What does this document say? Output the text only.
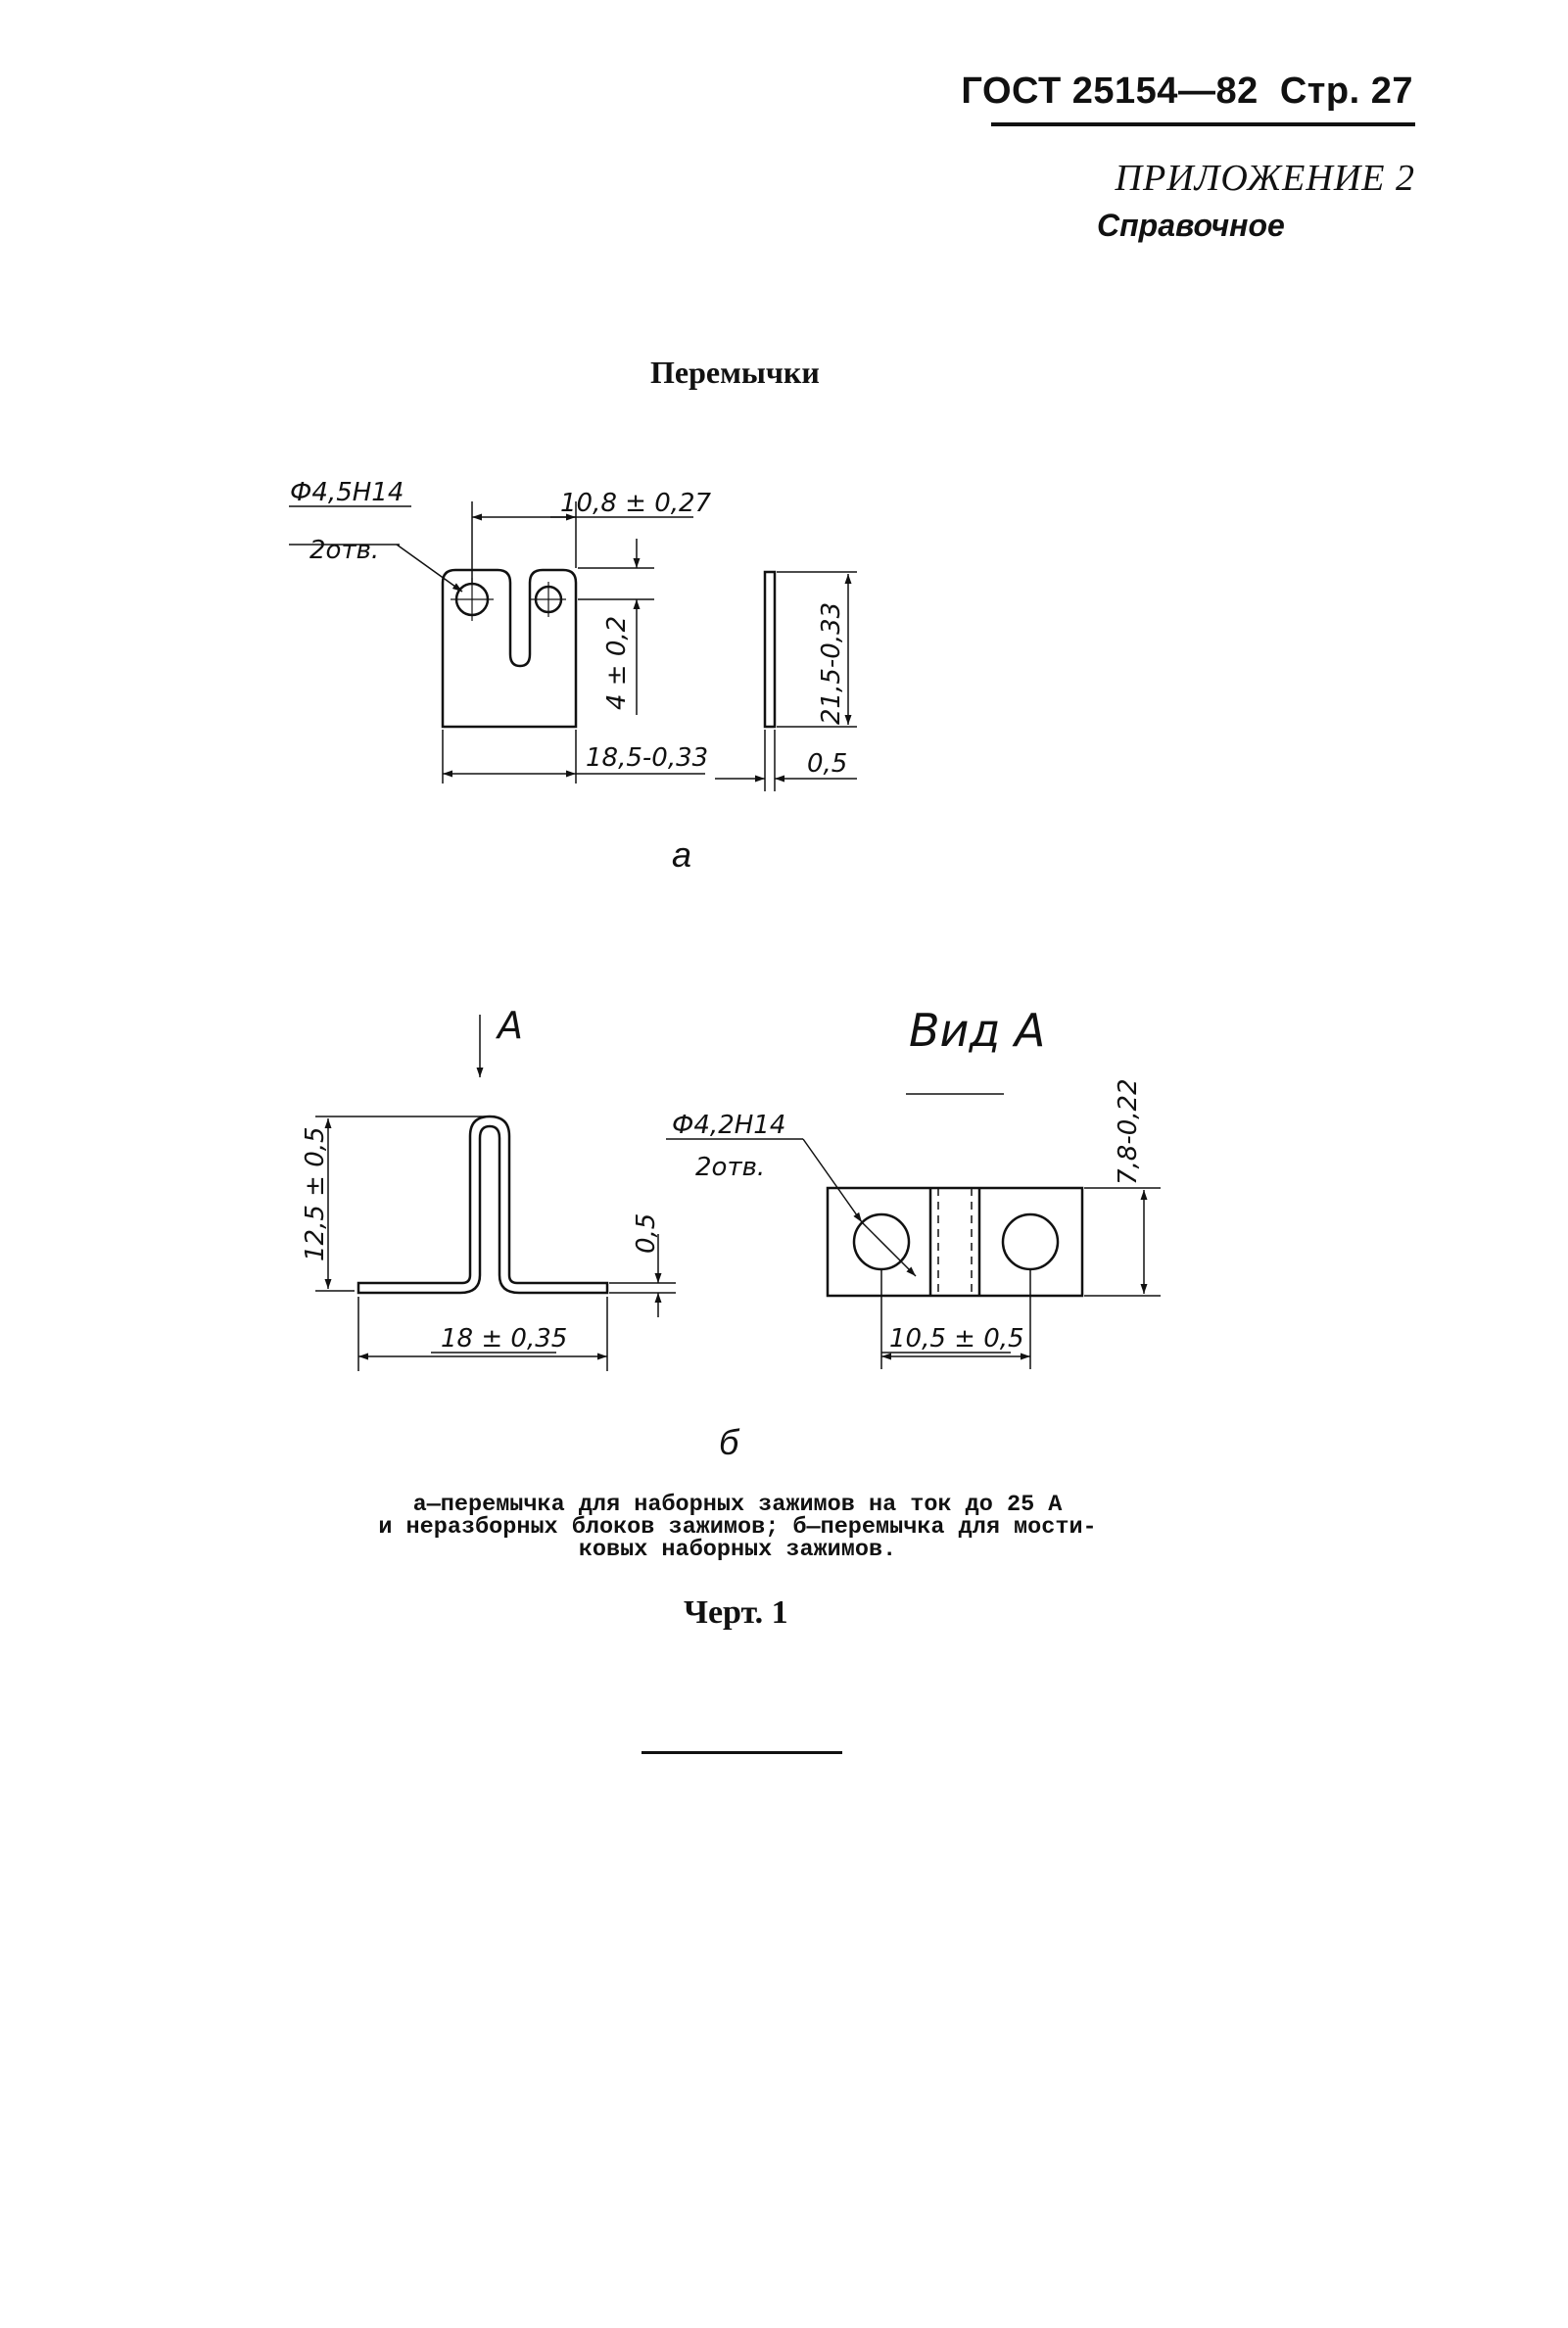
ГОСТ 25154—82 Стр. 27
ПРИЛОЖЕНИЕ 2
Справочное
Перемычки
Ф4,5Н14
2отв.
10,8 ± 0,27
18,5-0,33
4 ± 0,2	21,5-0,33
0,5
А
12,5 ± 0,5	0,5
18 ± 0,35
Вид А
Ф4,2Н14
2отв.	7,8-0,22
10,5 ± 0,5
а
б
а—перемычка для наборных зажимов на ток до 25 А
и неразборных блоков зажимов; б—перемычка для мости-
ковых наборных зажимов.
Черт. 1
